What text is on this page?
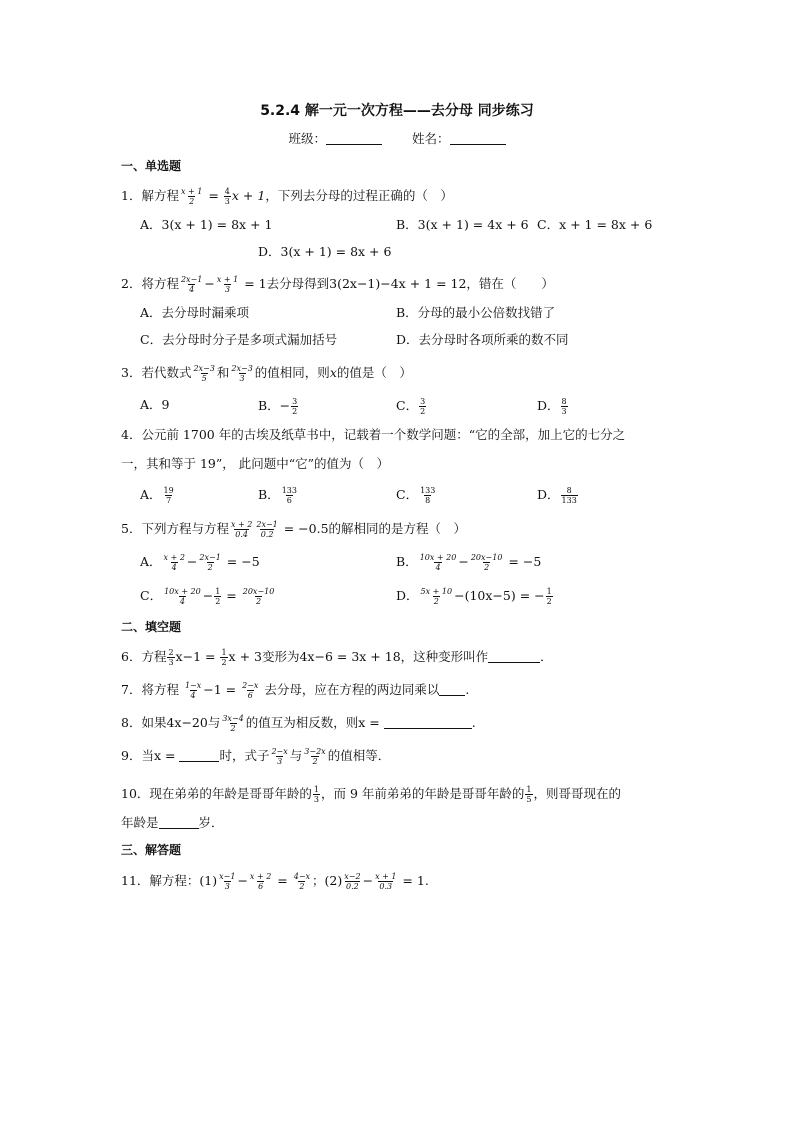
5.2.4 解一元一次方程——去分母 同步练习
班级：	姓名：
一、单选题
1．解方程 $\frac{x + 1}{2} = \frac{4}{3}$ x + 1，下列去分母的过程正确的（　）
A．3(x + 1) = 8x + 1	B．3(x + 1) = 4x + 6 C．x + 1 = 8x + 6
D．3(x + 1) = 8x + 6
2．将方程 $\frac{2x-1}{4} - \frac{x + 1}{3} = 1$去分母得到3(2x−1)−4x + 1 = 12，错在（　　）
A．去分母时漏乘项	B．分母的最小公倍数找错了
C．去分母时分子是多项式漏加括号	D．去分母时各项所乘的数不同
3．若代数式 $\frac{2x-3}{5}$ 和 $\frac{2x-3}{3}$ 的值相同，则x的值是（　）
A．9	B．− $\frac{3}{2}$	C． $\frac{3}{2}$	D． $\frac{8}{3}$
4．公元前 1700 年的古埃及纸草书中，记载着一个数学问题：“它的全部，加上它的七分之
一，其和等于 19”， 此问题中“它”的值为（　）
A． $\frac{19}{7}$	B． $\frac{133}{6}$	C． $\frac{133}{8}$	D． $\frac{8}{133}$
5．下列方程与方程 $\frac{x + 2}{0.4} \frac{2x-1}{0.2} = -0.5$的解相同的是方程（　）
A． $\frac{x + 2}{4} - \frac{2x-1}{2} = -5$	B． $\frac{10x + 20}{4} - \frac{20x-10}{2} = -5$
C． $\frac{10x + 20}{4} - \frac{1}{2} = \frac{20x-10}{2}$	D． $\frac{5x + 10}{2} -(10x-5)$ = − $\frac{1}{2}$
二、填空题
6．方程 $\frac{2}{3} x-1 = \frac{1}{2}$ x + 3变形为4x−6 = 3x + 18，这种变形叫作	．
7．将方程 $\frac{1-x}{4} -1 = \frac{2-x}{6}$ 去分母，应在方程的两边同乘以 .
8．如果4x−20与 $\frac{3x-4}{2}$ 的值互为相反数，则x =	.
9．当x =	时，式子 $\frac{2-x}{3}$ 与 $\frac{3-2x}{2}$ 的值相等．
10．现在弟弟的年龄是哥哥年龄的 $\frac{1}{3}$ ，而 9 年前弟弟的年龄是哥哥年龄的 $\frac{1}{5}$ ，则哥哥现在的
年龄是	岁．
三、解答题
11．解方程：$(1) \frac{x-1}{3} - \frac{x + 2}{6} = \frac{4-x}{2}$ ；$(2) \frac{x-2}{0.2} - \frac{x + 1}{0.3} = 1$.
